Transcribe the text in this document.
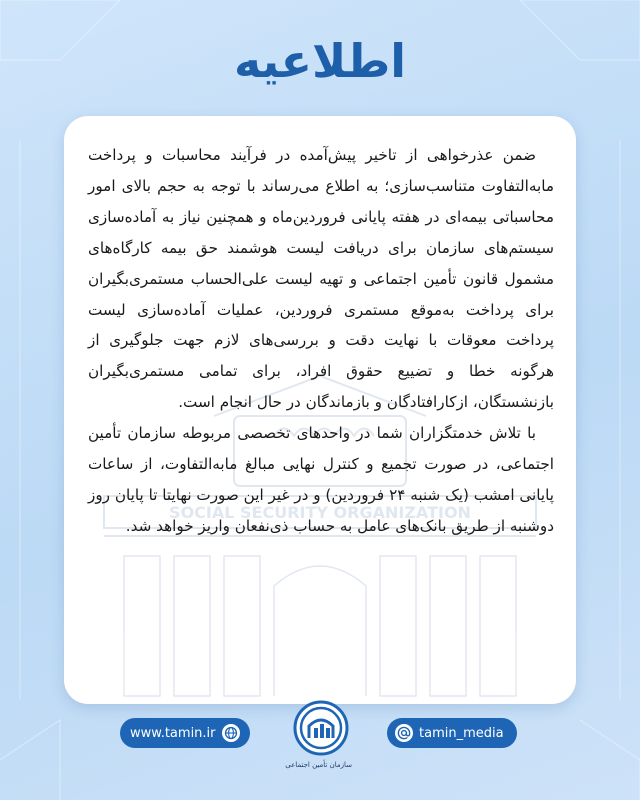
اطلاعیه
SOCIAL SECURITY ORGANIZATION

ضمن عذرخواهی از تاخیر پیش‌آمده در فرآیند محاسبات و پرداخت مابه‌التفاوت متناسب‌سازی؛ به اطلاع می‌رساند با توجه به حجم بالای امور محاسباتی بیمه‌ای در هفته پایانی فروردین‌ماه و همچنین نیاز به آماده‌سازی سیستم‌های سازمان برای دریافت لیست هوشمند حق بیمه کارگاه‌های مشمول قانون تأمین اجتماعی و تهیه لیست علی‌الحساب مستمری‌بگیران برای پرداخت به‌موقع مستمری فروردین، عملیات آماده‌سازی لیست پرداخت معوقات با نهایت دقت و بررسی‌های لازم جهت جلوگیری از هرگونه خطا و تضییع حقوق افراد، برای تمامی مستمری‌بگیران بازنشستگان، ازکارافتادگان و بازماندگان در حال انجام است.

با تلاش خدمتگزاران شما در واحدهای تخصصی مربوطه سازمان تأمین اجتماعی، در صورت تجمیع و کنترل نهایی مبالغ مابه‌التفاوت، از ساعات پایانی امشب (یک شنبه ۲۴ فروردین) و در غیر این صورت نهایتا تا پایان روز دوشنبه از طریق بانک‌های عامل به حساب ذی‌نفعان واریز خواهد شد.

www.tamin.ir
سازمان تأمین اجتماعی
tamin_media
